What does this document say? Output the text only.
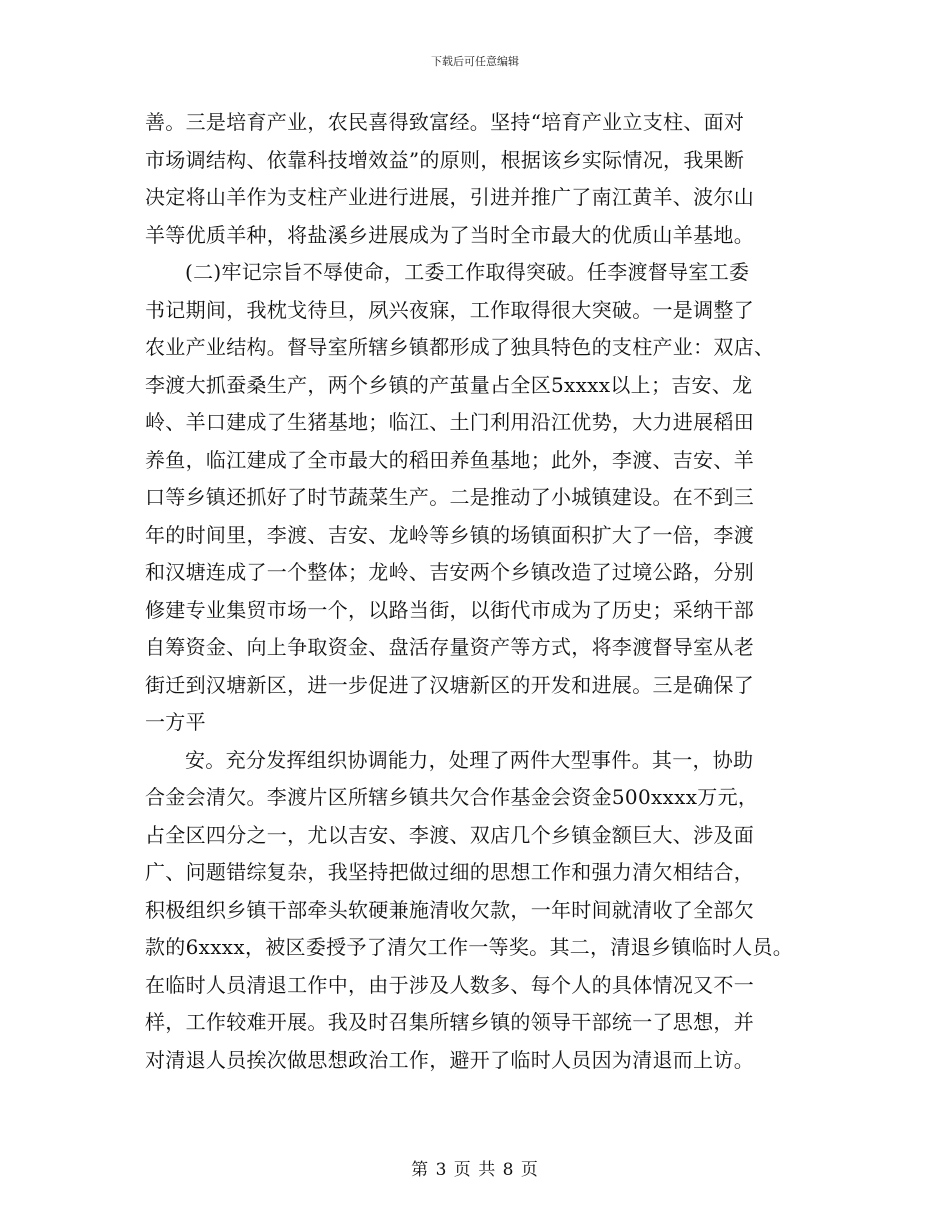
下载后可任意编辑
善。三是培育产业，农民喜得致富经。坚持“培育产业立支柱、面对
市场调结构、依靠科技增效益”的原则，根据该乡实际情况，我果断
决定将山羊作为支柱产业进行进展，引进并推广了南江黄羊、波尔山
羊等优质羊种，将盐溪乡进展成为了当时全市最大的优质山羊基地。
(二)牢记宗旨不辱使命，工委工作取得突破。任李渡督导室工委
书记期间，我枕戈待旦，夙兴夜寐，工作取得很大突破。一是调整了
农业产业结构。督导室所辖乡镇都形成了独具特色的支柱产业：双店、
李渡大抓蚕桑生产，两个乡镇的产茧量占全区5xxxx以上；吉安、龙
岭、羊口建成了生猪基地；临江、土门利用沿江优势，大力进展稻田
养鱼，临江建成了全市最大的稻田养鱼基地；此外，李渡、吉安、羊
口等乡镇还抓好了时节蔬菜生产。二是推动了小城镇建设。在不到三
年的时间里，李渡、吉安、龙岭等乡镇的场镇面积扩大了一倍，李渡
和汉塘连成了一个整体；龙岭、吉安两个乡镇改造了过境公路，分别
修建专业集贸市场一个，以路当街，以街代市成为了历史；采纳干部
自筹资金、向上争取资金、盘活存量资产等方式，将李渡督导室从老
街迁到汉塘新区，进一步促进了汉塘新区的开发和进展。三是确保了
一方平
安。充分发挥组织协调能力，处理了两件大型事件。其一，协助
合金会清欠。李渡片区所辖乡镇共欠合作基金会资金500xxxx万元，
占全区四分之一，尤以吉安、李渡、双店几个乡镇金额巨大、涉及面
广、问题错综复杂，我坚持把做过细的思想工作和强力清欠相结合，
积极组织乡镇干部牵头软硬兼施清收欠款，一年时间就清收了全部欠
款的6xxxx，被区委授予了清欠工作一等奖。其二，清退乡镇临时人员。
在临时人员清退工作中，由于涉及人数多、每个人的具体情况又不一
样，工作较难开展。我及时召集所辖乡镇的领导干部统一了思想，并
对清退人员挨次做思想政治工作，避开了临时人员因为清退而上访。
第 3 页 共 8 页
